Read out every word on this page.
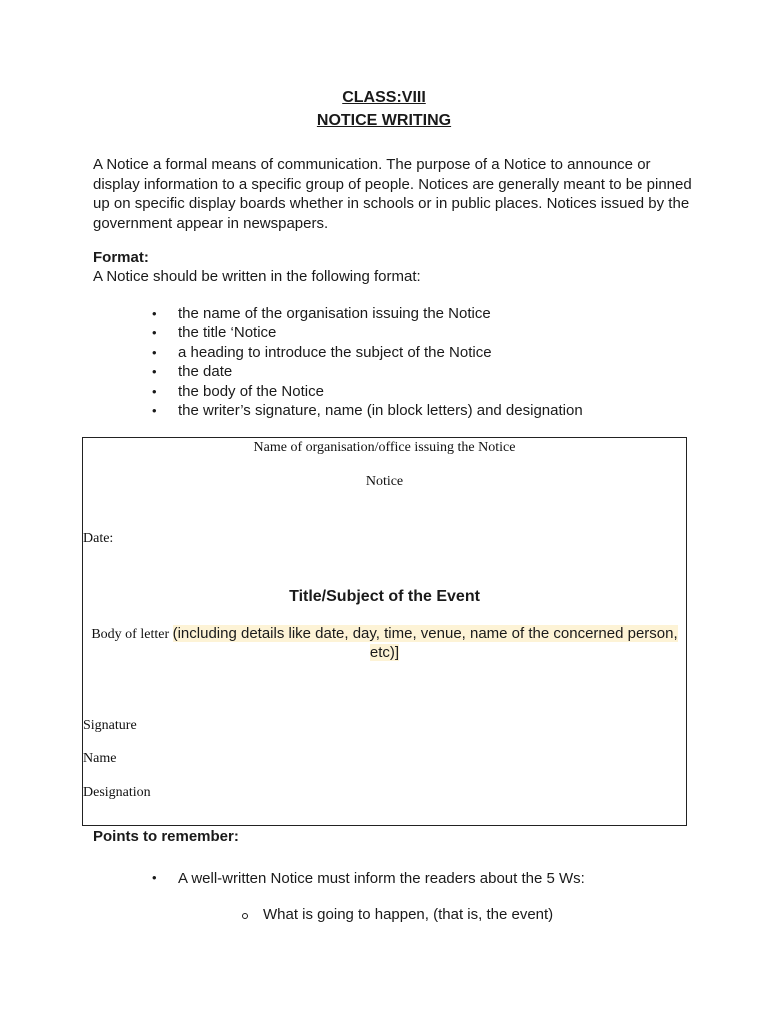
CLASS:VIII
NOTICE WRITING

A Notice a formal means of communication. The purpose of a Notice to announce or display information to a specific group of people. Notices are generally meant to be pinned up on specific display boards whether in schools or in public places. Notices issued by the government appear in newspapers.

Format:
A Notice should be written in the following format:
• the name of the organisation issuing the Notice
• the title ‘Notice
• a heading to introduce the subject of the Notice
• the date
• the body of the Notice
• the writer’s signature, name (in block letters) and designation
Name of organisation/office issuing the Notice
Notice
Date:
Title/Subject of the Event
Body of letter (including details like date, day, time, venue, name of the concerned person, etc)]
Signature
Name
Designation
Points to remember:
• A well-written Notice must inform the readers about the 5 Ws:
What is going to happen, (that is, the event)
